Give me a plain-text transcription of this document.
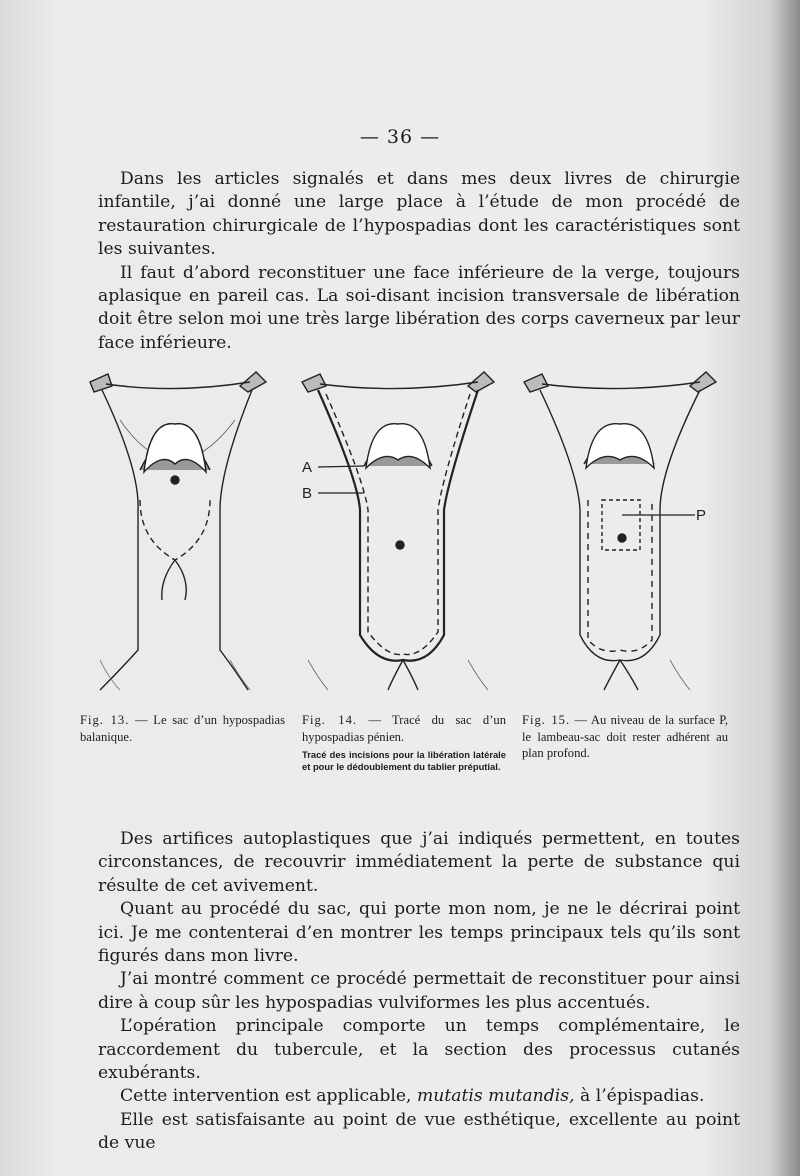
— 36 —

Dans les articles signalés et dans mes deux livres de chirurgie infantile, j’ai donné une large place à l’étude de mon procédé de restauration chirurgicale de l’hypospadias dont les caractéristiques sont les suivantes.

Il faut d’abord reconstituer une face inférieure de la verge, toujours aplasique en pareil cas. La soi-disant incision transversale de libération doit être selon moi une très large libération des corps caverneux par leur face inférieure.

A
B
P
Fig. 13. — Le sac d’un hypospadias balanique.
Fig. 14. — Tracé du sac d’un hypospadias pénien.
Tracé des incisions pour la libération latérale et pour le dédoublement du tablier préputial.
Fig. 15. — Au niveau de la surface P, le lambeau-sac doit rester adhérent au plan profond.

Des artifices autoplastiques que j’ai indiqués permettent, en toutes circonstances, de recouvrir immédiatement la perte de substance qui résulte de cet avivement.

Quant au procédé du sac, qui porte mon nom, je ne le décrirai point ici. Je me contenterai d’en montrer les temps principaux tels qu’ils sont figurés dans mon livre.

J’ai montré comment ce procédé permettait de reconstituer pour ainsi dire à coup sûr les hypospadias vulviformes les plus accentués.

L’opération principale comporte un temps complémentaire, le raccordement du tubercule, et la section des processus cutanés exubérants.

Cette intervention est applicable, mutatis mutandis, à l’épispadias.

Elle est satisfaisante au point de vue esthétique, excellente au point de vue
